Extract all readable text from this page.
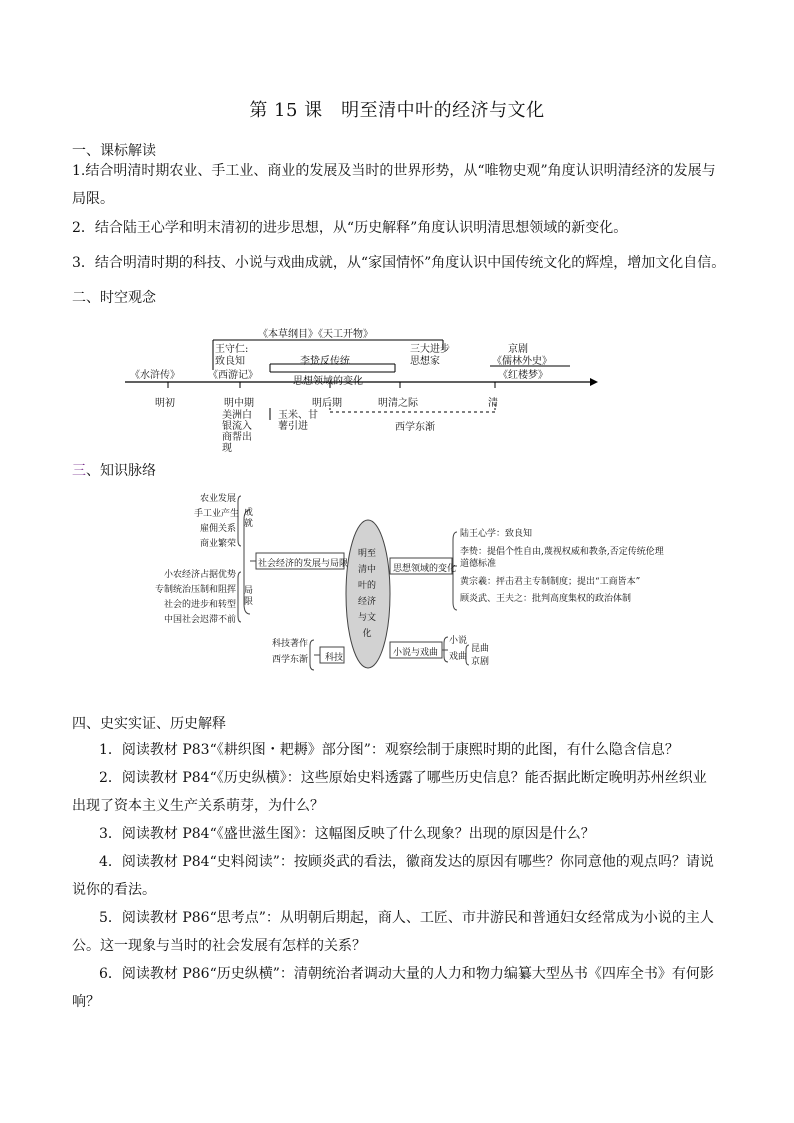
第 15 课　明至清中叶的经济与文化
一、课标解读
1.结合明清时期农业、手工业、商业的发展及当时的世界形势，从“唯物史观”角度认识明清经济的发展与
局限。
2．结合陆王心学和明末清初的进步思想，从“历史解释”角度认识明清思想领域的新变化。
3．结合明清时期的科技、小说与戏曲成就，从“家国情怀”角度认识中国传统文化的辉煌，增加文化自信。
二、时空观念
《本草纲目》《天工开物》
王守仁:
致良知	李贽反传统
三大进步
思想家
京剧
《儒林外史》
《水浒传》	《西游记》
思想领域的变化
《红楼梦》
明初	明中期	明后期	明清之际	清
美洲白
银流入
商帮出
现
玉米、甘
薯引进	西学东渐
三、知识脉络
明至
清中
叶的
经济
与文
化
社会经济的发展与局限
成
就
农业发展
手工业产生
雇佣关系
商业繁荣
局
限
小农经济占据优势
专制统治压制和阻挥
社会的进步和转型
中国社会迟滞不前
科技
科技著作
西学东渐
思想领域的变化
陆王心学：致良知
李贽：提倡个性自由,蔑视权威和教条,否定传统伦理
道德标准
黄宗羲：抨击君主专制制度；提出“工商皆本”
顾炎武、王夫之：批判高度集权的政治体制
小说与戏曲
小说
戏曲
昆曲
京剧
四、史实实证、历史解释
1．阅读教材 P83“《耕织图・耙耨》部分图”：观察绘制于康熙时期的此图，有什么隐含信息？
2．阅读教材 P84“《历史纵横》：这些原始史料透露了哪些历史信息？能否据此断定晚明苏州丝织业
出现了资本主义生产关系萌芽，为什么？
3．阅读教材 P84“《盛世滋生图》：这幅图反映了什么现象？出现的原因是什么？
4．阅读教材 P84“史料阅读”：按顾炎武的看法，徽商发达的原因有哪些？你同意他的观点吗？请说
说你的看法。
5．阅读教材 P86“思考点”：从明朝后期起，商人、工匠、市井游民和普通妇女经常成为小说的主人
公。这一现象与当时的社会发展有怎样的关系？
6．阅读教材 P86“历史纵横”：清朝统治者调动大量的人力和物力编纂大型丛书《四库全书》有何影
响？
